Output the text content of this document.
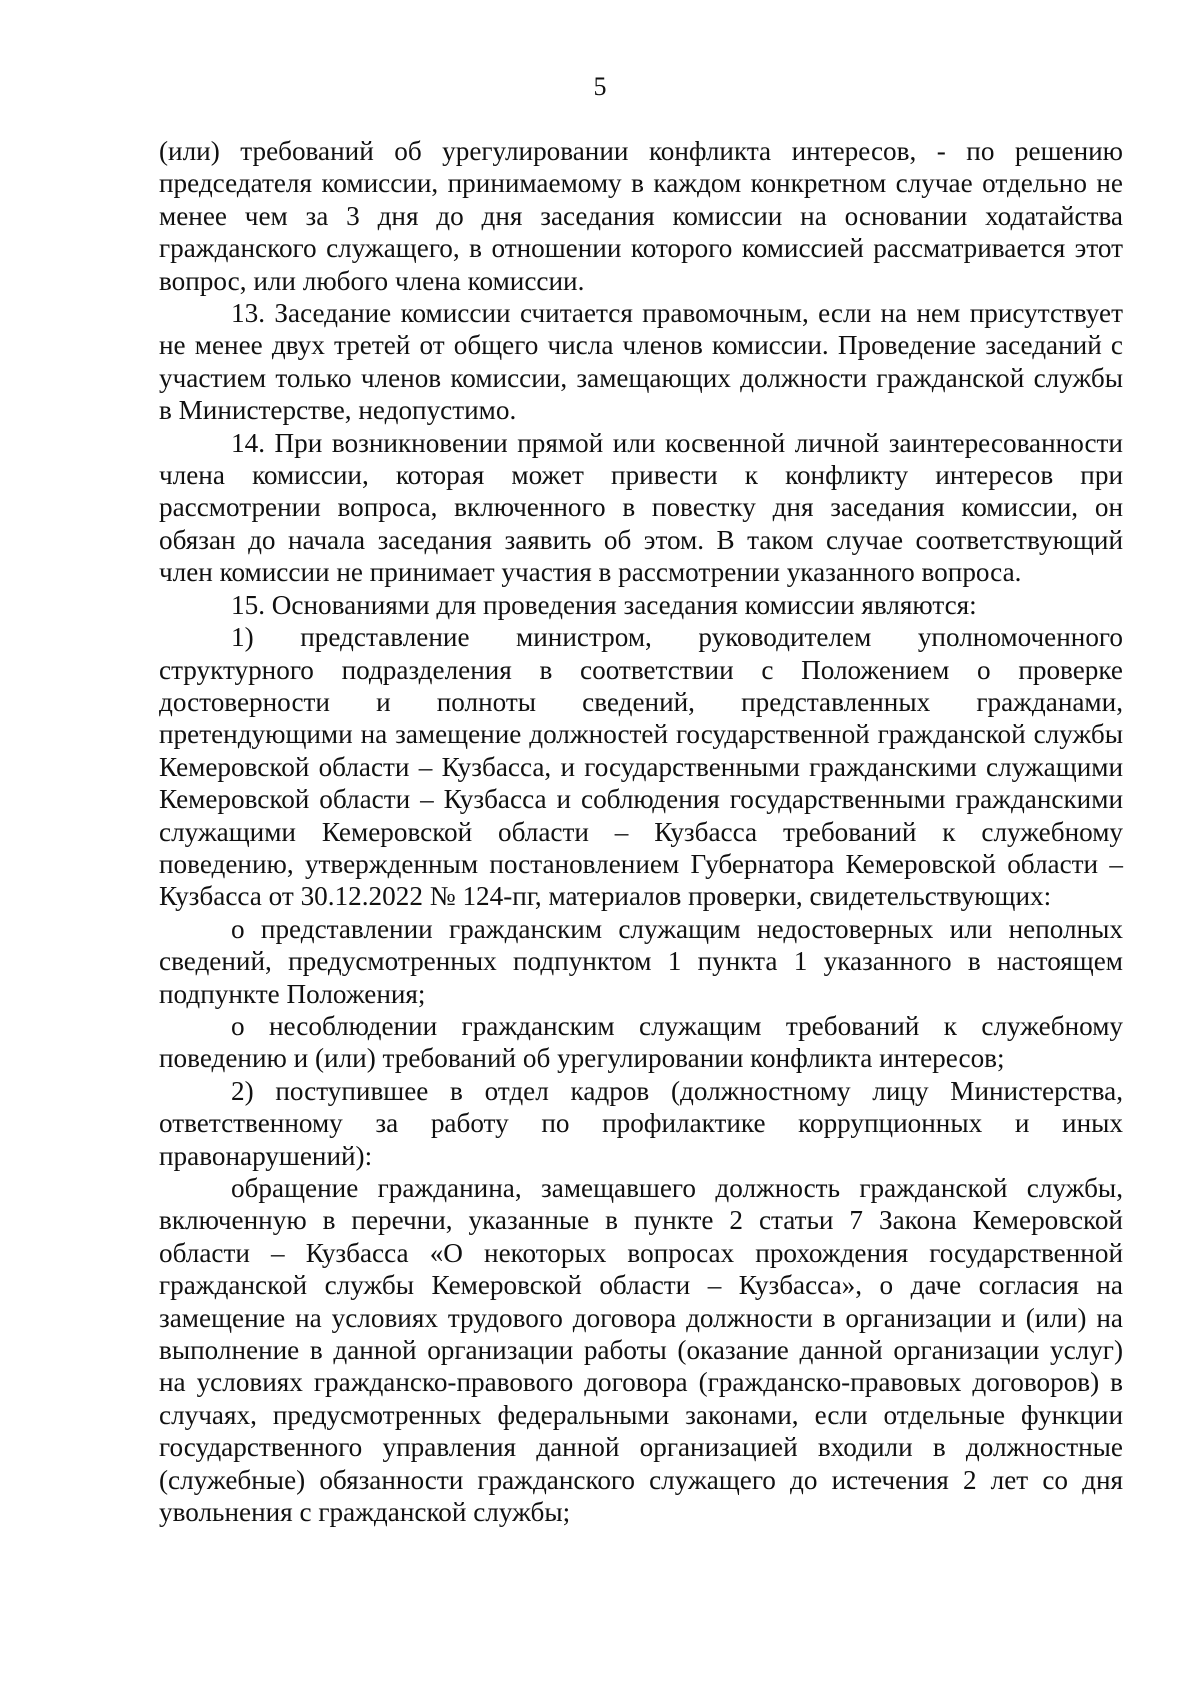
5

(или) требований об урегулировании конфликта интересов, - по решению председателя комиссии, принимаемому в каждом конкретном случае отдельно не менее чем за 3 дня до дня заседания комиссии на основании ходатайства гражданского служащего, в отношении которого комиссией рассматривается этот вопрос, или любого члена комиссии.

13. Заседание комиссии считается правомочным, если на нем присутствует не менее двух третей от общего числа членов комиссии. Проведение заседаний с участием только членов комиссии, замещающих должности гражданской службы в Министерстве, недопустимо.

14. При возникновении прямой или косвенной личной заинтересованности члена комиссии, которая может привести к конфликту интересов при рассмотрении вопроса, включенного в повестку дня заседания комиссии, он обязан до начала заседания заявить об этом. В таком случае соответствующий член комиссии не принимает участия в рассмотрении указанного вопроса.

15. Основаниями для проведения заседания комиссии являются:

1) представление министром, руководителем уполномоченного структурного подразделения в соответствии с Положением о проверке достоверности и полноты сведений, представленных гражданами, претендующими на замещение должностей государственной гражданской службы Кемеровской области – Кузбасса, и государственными гражданскими служащими Кемеровской области – Кузбасса и соблюдения государственными гражданскими служащими Кемеровской области – Кузбасса требований к служебному поведению, утвержденным постановлением Губернатора Кемеровской области – Кузбасса от 30.12.2022 № 124-пг, материалов проверки, свидетельствующих:

о представлении гражданским служащим недостоверных или неполных сведений, предусмотренных подпунктом 1 пункта 1 указанного в настоящем подпункте Положения;

о несоблюдении гражданским служащим требований к служебному поведению и (или) требований об урегулировании конфликта интересов;

2) поступившее в отдел кадров (должностному лицу Министерства, ответственному за работу по профилактике коррупционных и иных правонарушений):

обращение гражданина, замещавшего должность гражданской службы, включенную в перечни, указанные в пункте 2 статьи 7 Закона Кемеровской области – Кузбасса «О некоторых вопросах прохождения государственной гражданской службы Кемеровской области – Кузбасса», о даче согласия на замещение на условиях трудового договора должности в организации и (или) на выполнение в данной организации работы (оказание данной организации услуг) на условиях гражданско-правового договора (гражданско-правовых договоров) в случаях, предусмотренных федеральными законами, если отдельные функции государственного управления данной организацией входили в должностные (служебные) обязанности гражданского служащего до истечения 2 лет со дня увольнения с гражданской службы;
